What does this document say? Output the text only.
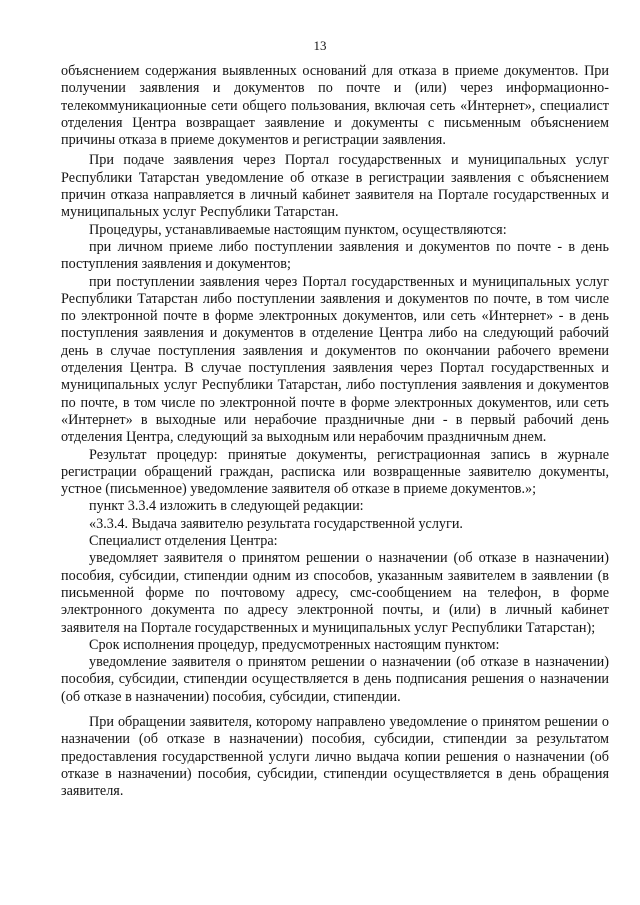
13

объяснением содержания выявленных оснований для отказа в приеме документов. При получении заявления и документов по почте и (или) через информационно-телекоммуникационные сети общего пользования, включая сеть «Интернет», специалист отделения Центра возвращает заявление и документы с письменным объяснением причины отказа в приеме документов и регистрации заявления.

При подаче заявления через Портал государственных и муниципальных услуг Республики Татарстан уведомление об отказе в регистрации заявления с объяснением причин отказа направляется в личный кабинет заявителя на Портале государственных и муниципальных услуг Республики Татарстан.

Процедуры, устанавливаемые настоящим пунктом, осуществляются:

при личном приеме либо поступлении заявления и документов по почте - в день поступления заявления и документов;

при поступлении заявления через Портал государственных и муниципальных услуг Республики Татарстан либо поступлении заявления и документов по почте, в том числе по электронной почте в форме электронных документов, или сеть «Интернет» - в день поступления заявления и документов в отделение Центра либо на следующий рабочий день в случае поступления заявления и документов по окончании рабочего времени отделения Центра. В случае поступления заявления через Портал государственных и муниципальных услуг Республики Татарстан, либо поступления заявления и документов по почте, в том числе по электронной почте в форме электронных документов, или сеть «Интернет» в выходные или нерабочие праздничные дни - в первый рабочий день отделения Центра, следующий за выходным или нерабочим праздничным днем.

Результат процедур: принятые документы, регистрационная запись в журнале регистрации обращений граждан, расписка или возвращенные заявителю документы, устное (письменное) уведомление заявителя об отказе в приеме документов.»;

пункт 3.3.4 изложить в следующей редакции:

«3.3.4. Выдача заявителю результата государственной услуги.

Специалист отделения Центра:

уведомляет заявителя о принятом решении о назначении (об отказе в назначении) пособия, субсидии, стипендии одним из способов, указанным заявителем в заявлении (в письменной форме по почтовому адресу, смс-сообщением на телефон, в форме электронного документа по адресу электронной почты, и (или) в личный кабинет заявителя на Портале государственных и муниципальных услуг Республики Татарстан);

Срок исполнения процедур, предусмотренных настоящим пунктом:

уведомление заявителя о принятом решении о назначении (об отказе в назначении) пособия, субсидии, стипендии осуществляется в день подписания решения о назначении (об отказе в назначении) пособия, субсидии, стипендии.

При обращении заявителя, которому направлено уведомление о принятом решении о назначении (об отказе в назначении) пособия, субсидии, стипендии за результатом предоставления государственной услуги лично выдача копии решения о назначении (об отказе в назначении) пособия, субсидии, стипендии осуществляется в день обращения заявителя.
